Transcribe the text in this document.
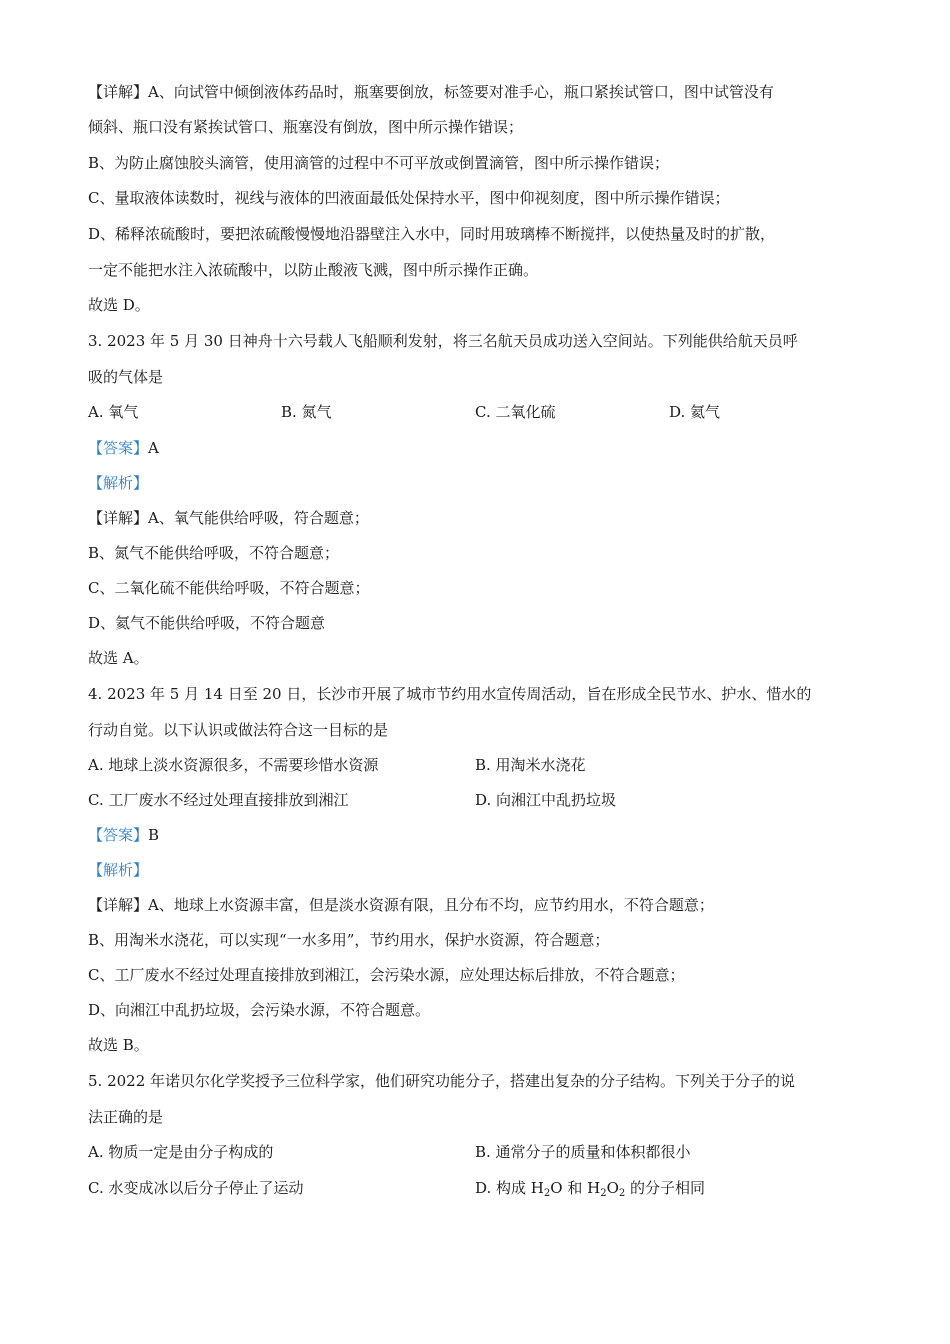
【详解】A、向试管中倾倒液体药品时，瓶塞要倒放，标签要对准手心，瓶口紧挨试管口，图中试管没有
倾斜、瓶口没有紧挨试管口、瓶塞没有倒放，图中所示操作错误；
B、为防止腐蚀胶头滴管，使用滴管的过程中不可平放或倒置滴管，图中所示操作错误；
C、量取液体读数时，视线与液体的凹液面最低处保持水平，图中仰视刻度，图中所示操作错误；
D、稀释浓硫酸时，要把浓硫酸慢慢地沿器壁注入水中，同时用玻璃棒不断搅拌，以使热量及时的扩散，
一定不能把水注入浓硫酸中，以防止酸液飞溅，图中所示操作正确。
故选 D。
3. 2023 年 5 月 30 日神舟十六号载人飞船顺利发射，将三名航天员成功送入空间站。下列能供给航天员呼
吸的气体是
A. 氧气	B. 氮气	C. 二氧化硫	D. 氦气
【答案】A
【解析】
【详解】A、氧气能供给呼吸，符合题意；
B、氮气不能供给呼吸，不符合题意；
C、二氧化硫不能供给呼吸，不符合题意；
D、氦气不能供给呼吸，不符合题意
故选 A。
4. 2023 年 5 月 14 日至 20 日，长沙市开展了城市节约用水宣传周活动，旨在形成全民节水、护水、惜水的
行动自觉。以下认识或做法符合这一目标的是
A. 地球上淡水资源很多，不需要珍惜水资源	B. 用淘米水浇花
C. 工厂废水不经过处理直接排放到湘江	D. 向湘江中乱扔垃圾
【答案】B
【解析】
【详解】A、地球上水资源丰富，但是淡水资源有限，且分布不均，应节约用水，不符合题意；
B、用淘米水浇花，可以实现“一水多用”，节约用水，保护水资源，符合题意；
C、工厂废水不经过处理直接排放到湘江，会污染水源，应处理达标后排放，不符合题意；
D、向湘江中乱扔垃圾，会污染水源，不符合题意。
故选 B。
5. 2022 年诺贝尔化学奖授予三位科学家，他们研究功能分子，搭建出复杂的分子结构。下列关于分子的说
法正确的是
A. 物质一定是由分子构成的	B. 通常分子的质量和体积都很小
C. 水变成冰以后分子停止了运动	D. 构成 $H_2O$ 和 $H_2O_2$ 的分子相同
